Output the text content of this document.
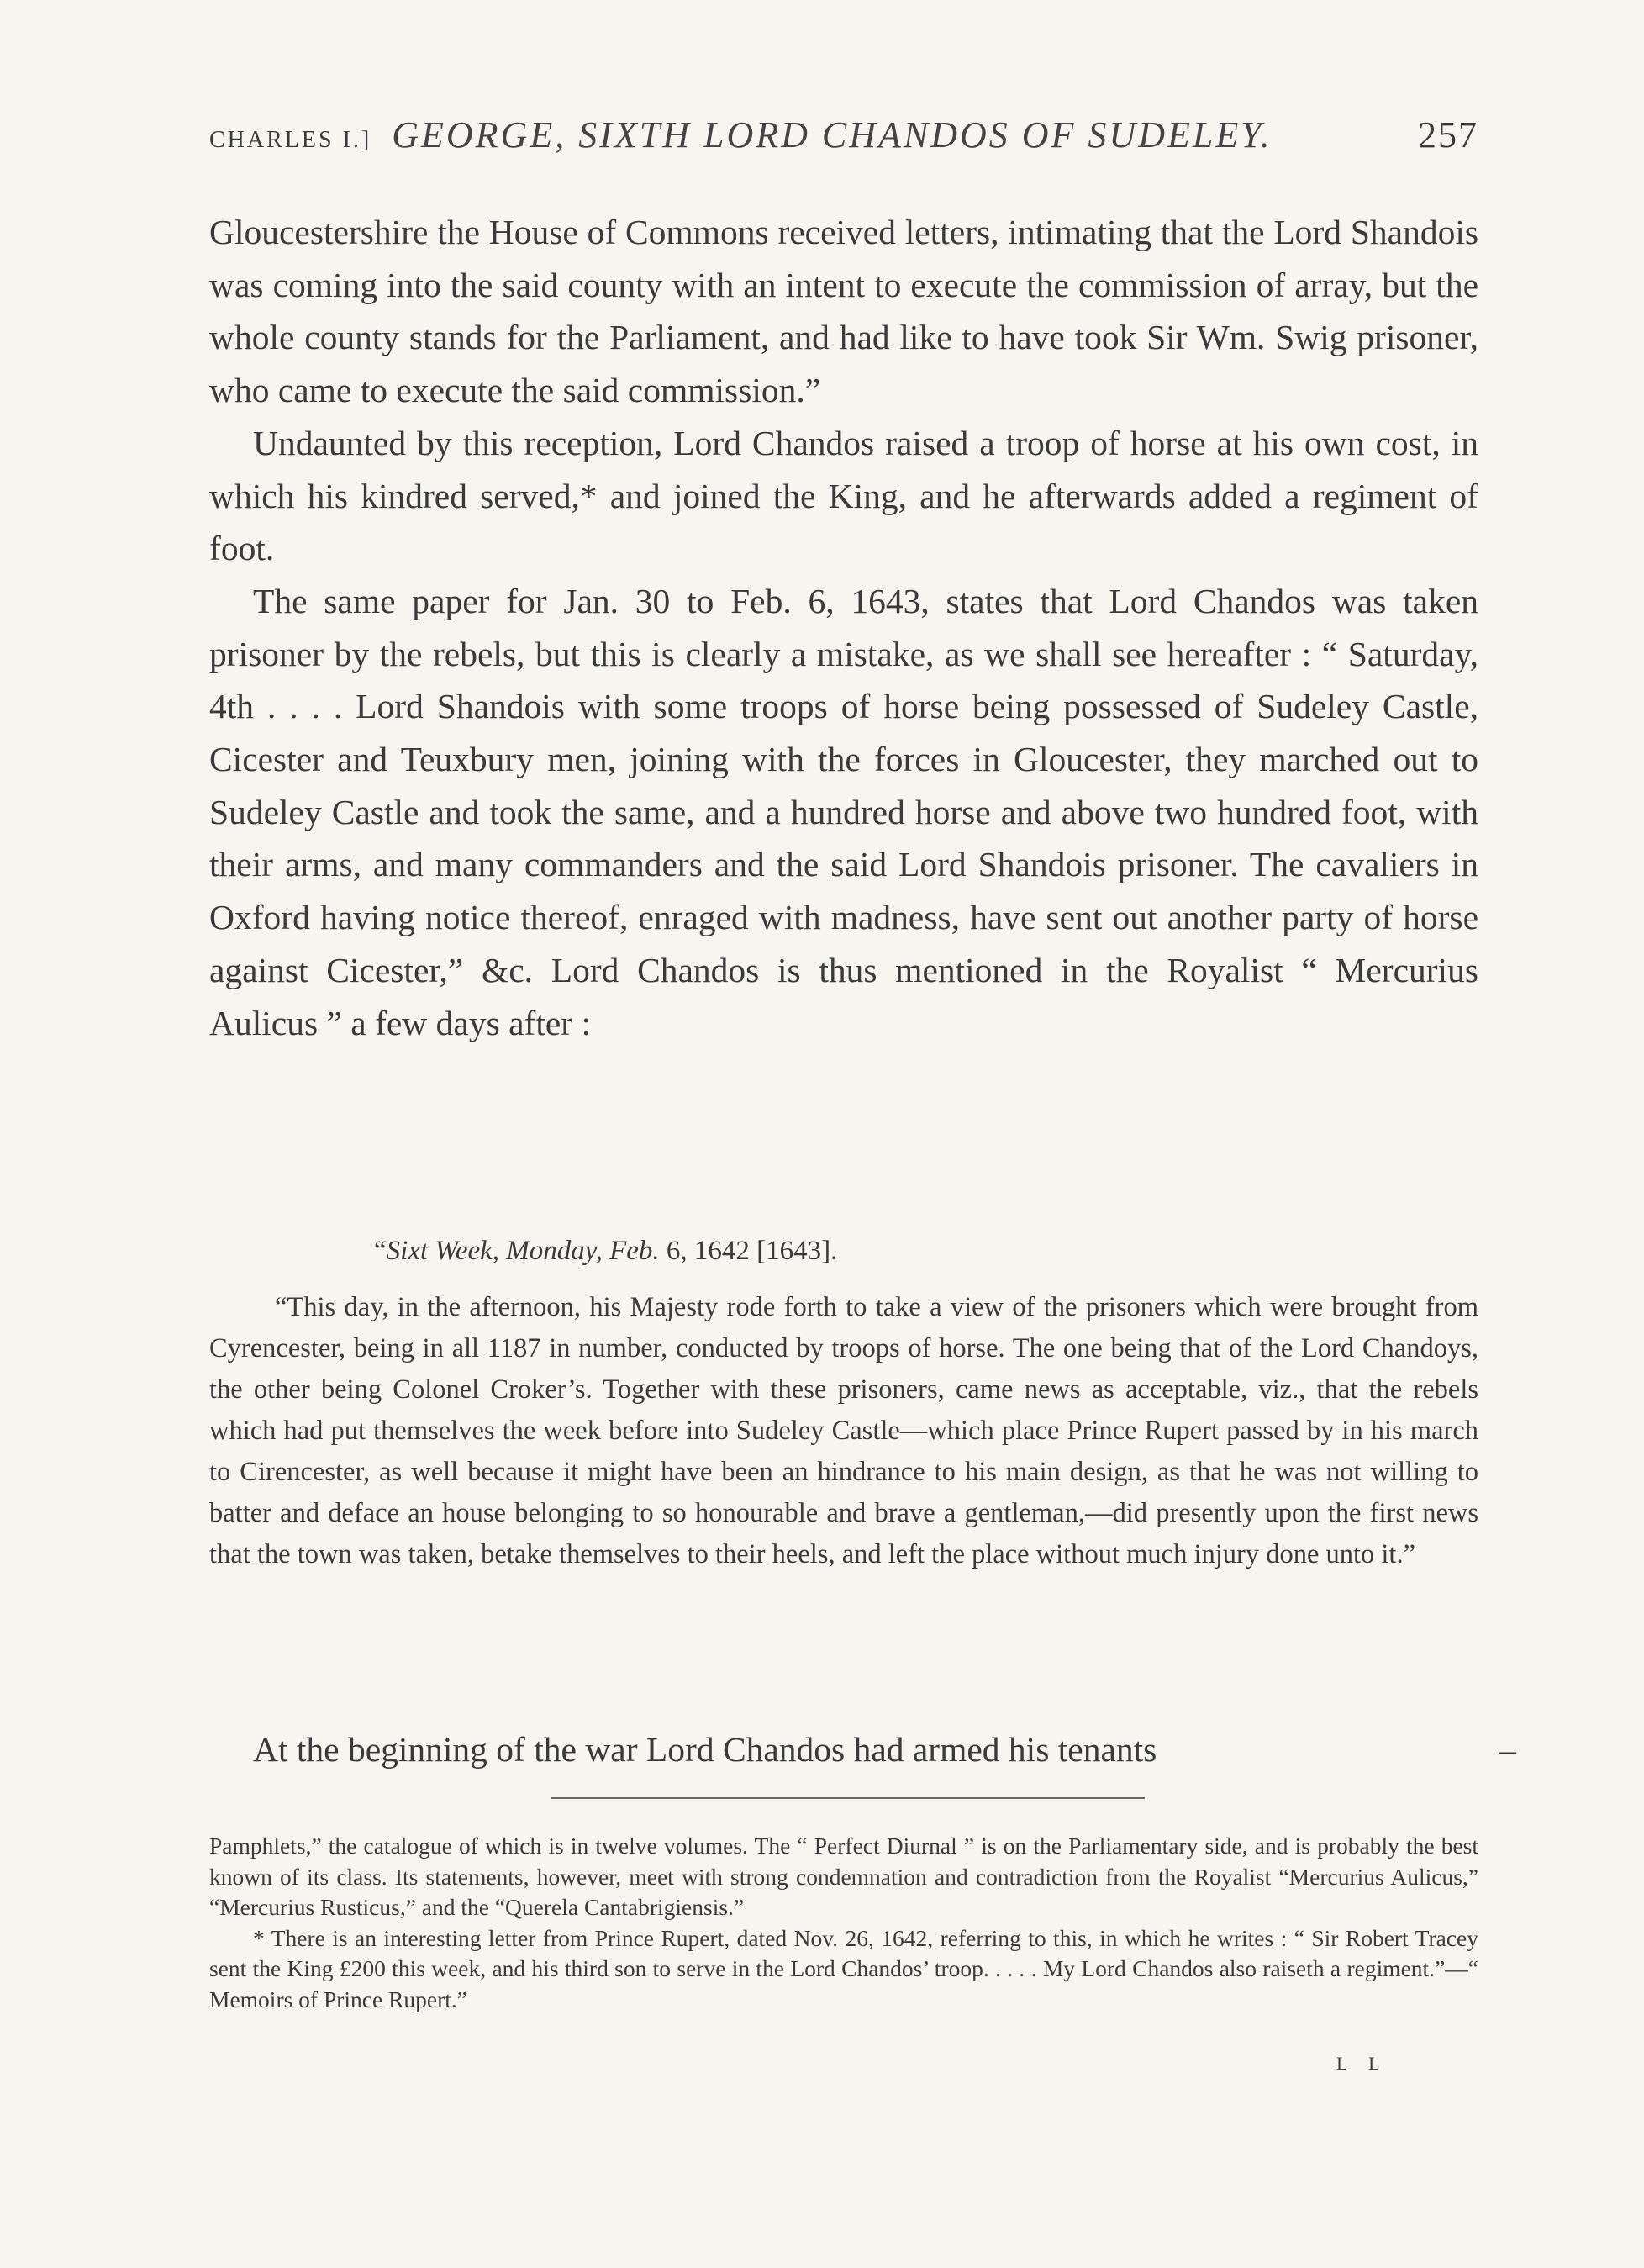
CHARLES I.] GEORGE, SIXTH LORD CHANDOS OF SUDELEY.	257

Gloucestershire the House of Commons received letters, intimating that the Lord Shandois was coming into the said county with an intent to execute the commission of array, but the whole county stands for the Parliament, and had like to have took Sir Wm. Swig prisoner, who came to execute the said commission.”

Undaunted by this reception, Lord Chandos raised a troop of horse at his own cost, in which his kindred served,* and joined the King, and he afterwards added a regiment of foot.

The same paper for Jan. 30 to Feb. 6, 1643, states that Lord Chandos was taken prisoner by the rebels, but this is clearly a mistake, as we shall see hereafter : “ Saturday, 4th . . . . Lord Shandois with some troops of horse being possessed of Sudeley Castle, Cicester and Teuxbury men, joining with the forces in Gloucester, they marched out to Sudeley Castle and took the same, and a hundred horse and above two hundred foot, with their arms, and many commanders and the said Lord Shandois prisoner. The cavaliers in Oxford having notice thereof, enraged with madness, have sent out another party of horse against Cicester,” &c. Lord Chandos is thus mentioned in the Royalist “ Mercurius Aulicus ” a few days after :

“Sixt Week, Monday, Feb. 6, 1642 [1643].

“This day, in the afternoon, his Majesty rode forth to take a view of the prisoners which were brought from Cyrencester, being in all 1187 in number, conducted by troops of horse. The one being that of the Lord Chandoys, the other being Colonel Croker’s. Together with these prisoners, came news as acceptable, viz., that the rebels which had put themselves the week before into Sudeley Castle—which place Prince Rupert passed by in his march to Cirencester, as well because it might have been an hindrance to his main design, as that he was not willing to batter and deface an house belonging to so honourable and brave a gentleman,—did presently upon the first news that the town was taken, betake themselves to their heels, and left the place without much injury done unto it.”

At the beginning of the war Lord Chandos had armed his tenants	–

Pamphlets,” the catalogue of which is in twelve volumes. The “ Perfect Diurnal ” is on the Parliamentary side, and is probably the best known of its class. Its statements, however, meet with strong condemnation and contradiction from the Royalist “Mercurius Aulicus,” “Mercurius Rusticus,” and the “Querela Cantabrigiensis.”

* There is an interesting letter from Prince Rupert, dated Nov. 26, 1642, referring to this, in which he writes : “ Sir Robert Tracey sent the King £200 this week, and his third son to serve in the Lord Chandos’ troop. . . . . My Lord Chandos also raiseth a regiment.”—“ Memoirs of Prince Rupert.”

L L
